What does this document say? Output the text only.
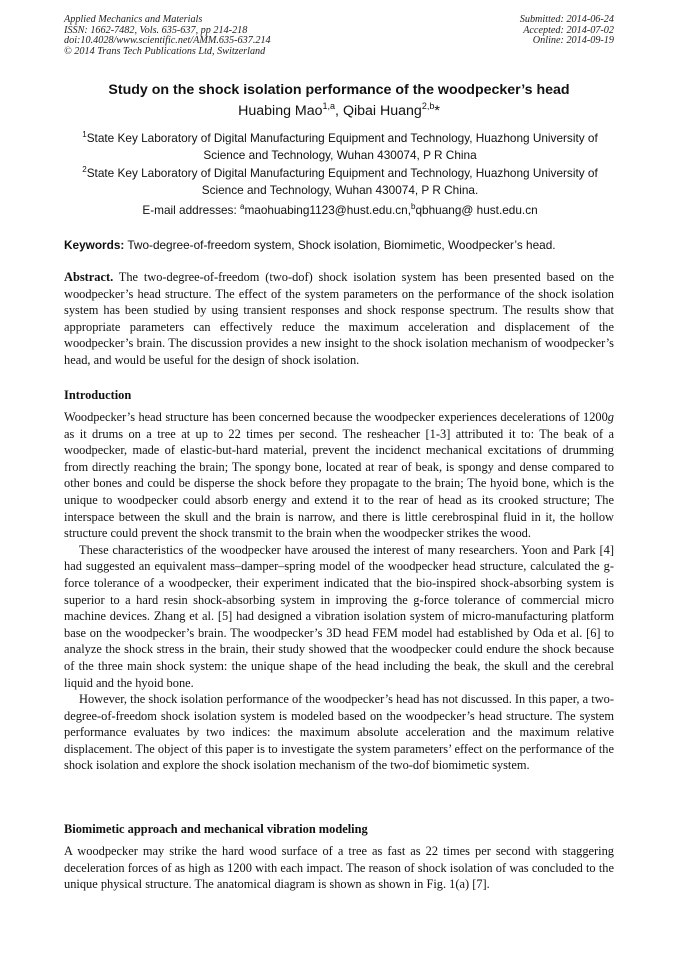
Applied Mechanics and Materials
ISSN: 1662-7482, Vols. 635-637, pp 214-218
doi:10.4028/www.scientific.net/AMM.635-637.214
© 2014 Trans Tech Publications Ltd, Switzerland
Submitted: 2014-06-24
Accepted: 2014-07-02
Online: 2014-09-19
Study on the shock isolation performance of the woodpecker’s head
Huabing Mao$^{1,a}$, Qibai Huang$^{2,b}$*
$^1$State Key Laboratory of Digital Manufacturing Equipment and Technology, Huazhong University of Science and Technology, Wuhan 430074, P R China
$^2$State Key Laboratory of Digital Manufacturing Equipment and Technology, Huazhong University of Science and Technology, Wuhan 430074, P R China.
E-mail addresses: $^a$maohuabing1123@hust.edu.cn,$^b$qbhuang@ hust.edu.cn
Keywords: Two-degree-of-freedom system, Shock isolation, Biomimetic, Woodpecker’s head.

Abstract. The two-degree-of-freedom (two-dof) shock isolation system has been presented based on the woodpecker’s head structure. The effect of the system parameters on the performance of the shock isolation system has been studied by using transient responses and shock response spectrum. The results show that appropriate parameters can effectively reduce the maximum acceleration and displacement of the woodpecker’s brain. The discussion provides a new insight to the shock isolation mechanism of woodpecker’s head, and would be useful for the design of shock isolation.

Introduction

Woodpecker’s head structure has been concerned because the woodpecker experiences decelerations of 1200g as it drums on a tree at up to 22 times per second. The resheacher [1-3] attributed it to: The beak of a woodpecker, made of elastic-but-hard material, prevent the incidenct mechanical excitations of drumming from directly reaching the brain; The spongy bone, located at rear of beak, is spongy and dense compared to other bones and could be disperse the shock before they propagate to the brain; The hyoid bone, which is the unique to woodpecker could absorb energy and extend it to the rear of head as its crooked structure; The interspace between the skull and the brain is narrow, and there is little cerebrospinal fluid in it, the hollow structure could prevent the shock transmit to the brain when the woodpecker strikes the wood.

These characteristics of the woodpecker have aroused the interest of many researchers. Yoon and Park [4] had suggested an equivalent mass–damper–spring model of the woodpecker head structure, calculated the g-force tolerance of a woodpecker, their experiment indicated that the bio-inspired shock-absorbing system is superior to a hard resin shock-absorbing system in improving the g-force tolerance of commercial micro machine devices. Zhang et al. [5] had designed a vibration isolation system of micro-manufacturing platform base on the woodpecker’s brain. The woodpecker’s 3D head FEM model had established by Oda et al. [6] to analyze the shock stress in the brain, their study showed that the woodpecker could endure the shock because of the three main shock system: the unique shape of the head including the beak, the skull and the cerebral liquid and the hyoid bone.

However, the shock isolation performance of the woodpecker’s head has not discussed. In this paper, a two-degree-of-freedom shock isolation system is modeled based on the woodpecker’s head structure. The system performance evaluates by two indices: the maximum absolute acceleration and the maximum relative displacement. The object of this paper is to investigate the system parameters’ effect on the performance of the shock isolation and explore the shock isolation mechanism of the two-dof biomimetic system.

Biomimetic approach and mechanical vibration modeling

A woodpecker may strike the hard wood surface of a tree as fast as 22 times per second with staggering deceleration forces of as high as 1200 with each impact. The reason of shock isolation of was concluded to the unique physical structure. The anatomical diagram is shown as shown in Fig. 1(a) [7].
